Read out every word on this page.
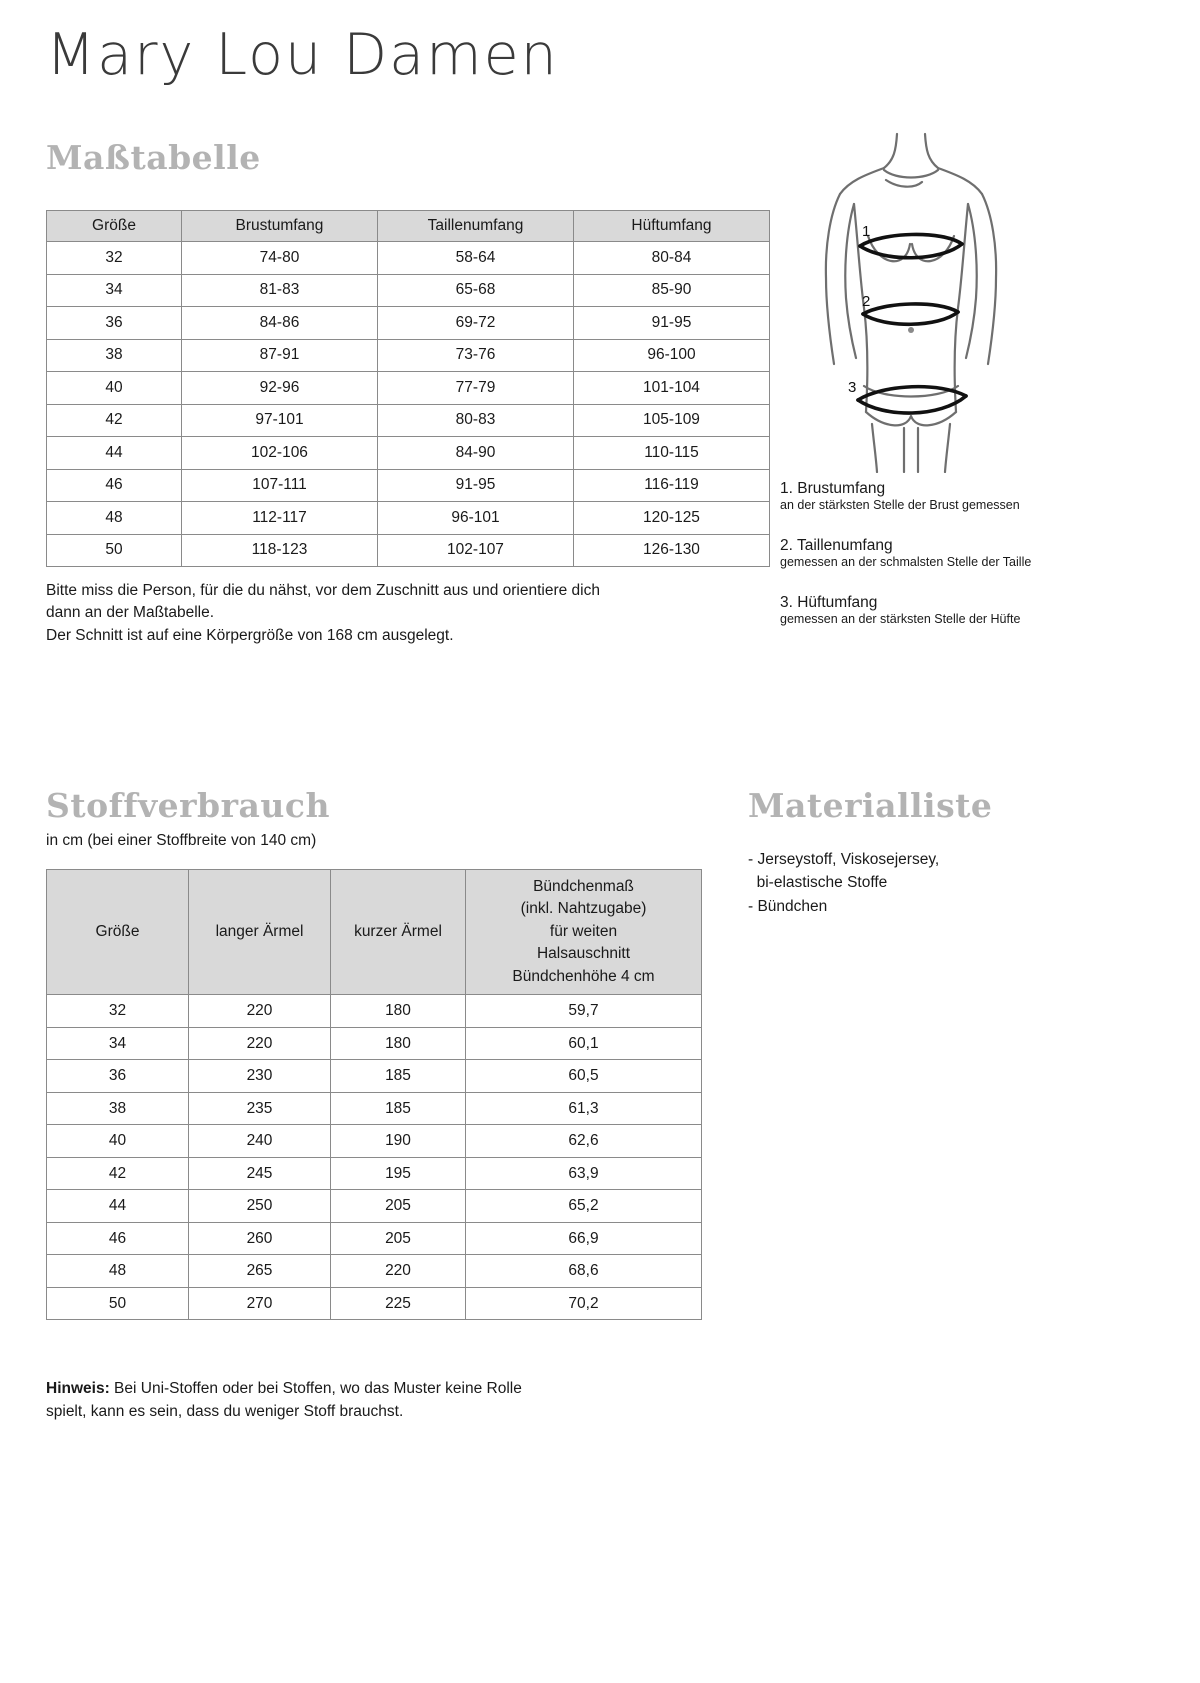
Mary Lou Damen
Maßtabelle
Größe	Brustumfang	Taillenumfang	Hüftumfang
32	74-80	58-64	80-84
34	81-83	65-68	85-90
36	84-86	69-72	91-95
38	87-91	73-76	96-100
40	92-96	77-79	101-104
42	97-101	80-83	105-109
44	102-106	84-90	110-115
46	107-111	91-95	116-119
48	112-117	96-101	120-125
50	118-123	102-107	126-130
Bitte miss die Person, für die du nähst, vor dem Zuschnitt aus und orientiere dich
dann an der Maßtabelle.
Der Schnitt ist auf eine Körpergröße von 168 cm ausgelegt.
1
2
3
1. Brustumfang
an der stärksten Stelle der Brust gemessen
2. Taillenumfang
gemessen an der schmalsten Stelle der Taille
3. Hüftumfang
gemessen an der stärksten Stelle der Hüfte
Stoffverbrauch
in cm (bei einer Stoffbreite von 140 cm)
Größe	langer Ärmel	kurzer Ärmel	Bündchenmaß
(inkl. Nahtzugabe)
für weiten
Halsauschnitt
Bündchenhöhe 4 cm

32	220	180	59,7
34	220	180	60,1
36	230	185	60,5
38	235	185	61,3
40	240	190	62,6
42	245	195	63,9
44	250	205	65,2
46	260	205	66,9
48	265	220	68,6
50	270	225	70,2
Hinweis: Bei Uni-Stoffen oder bei Stoffen, wo das Muster keine Rolle
spielt, kann es sein, dass du weniger Stoff brauchst.
Materialliste
- Jerseystoff, Viskosejersey,
bi-elastische Stoffe
- Bündchen
